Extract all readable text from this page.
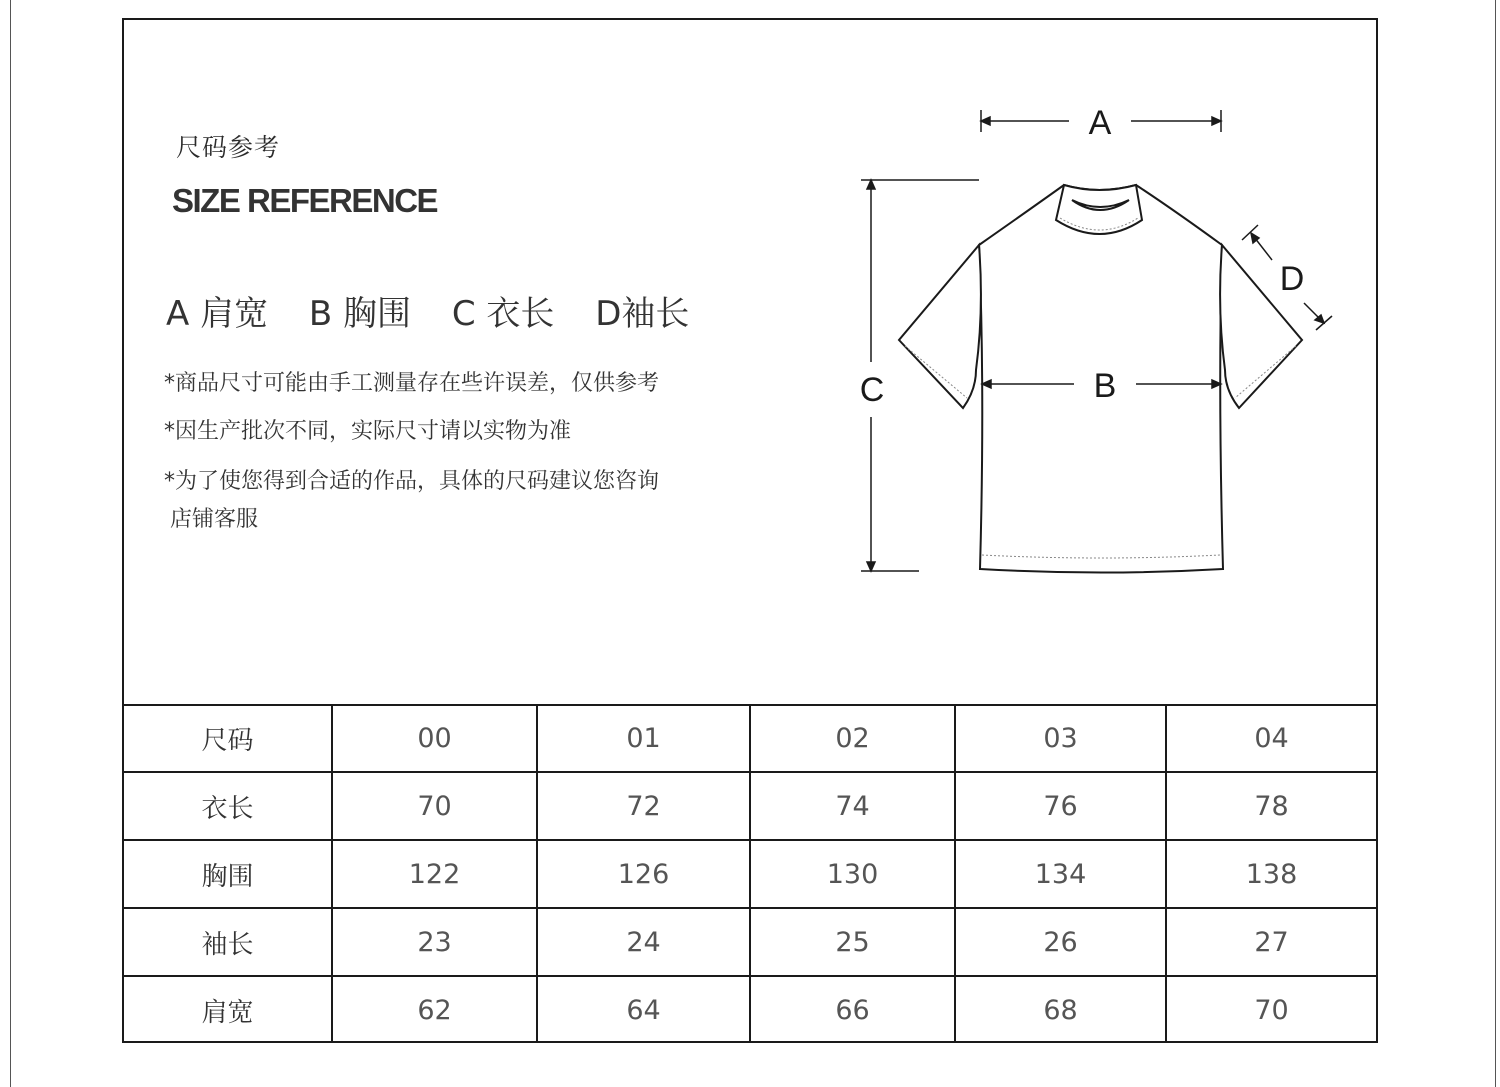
尺码参考
SIZE REFERENCE
A 肩宽 B 胸围 C 衣长 D袖长
*商品尺寸可能由手工测量存在些许误差，仅供参考
*因生产批次不同，实际尺寸请以实物为准
*为了使您得到合适的作品，具体的尺码建议您咨询
店铺客服
A
C	B
D
尺码	00	01	02	03	04
衣长	70	72	74	76	78
胸围	122	126	130	134	138
袖长	23	24	25	26	27
肩宽	62	64	66	68	70
